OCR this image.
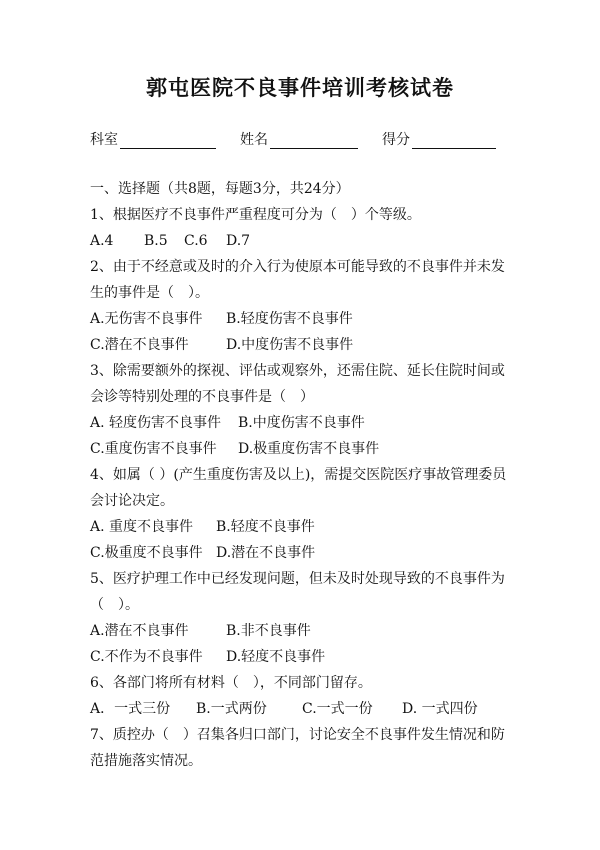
郭屯医院不良事件培训考核试卷
科室	姓名	得分
一、选择题（共8题，每题3分，共24分）
1、根据医疗不良事件严重程度可分为（　）个等级。
A.4 B.5 C.6 D.7
2、由于不经意或及时的介入行为使原本可能导致的不良事件并未发
生的事件是（　）。
A.无伤害不良事件 B.轻度伤害不良事件
C.潜在不良事件	D.中度伤害不良事件
3、除需要额外的探视、评估或观察外，还需住院、延长住院时间或
会诊等特别处理的不良事件是（　）
A. 轻度伤害不良事件 B.中度伤害不良事件
C.重度伤害不良事件 D.极重度伤害不良事件
4、如属（ ）(产生重度伤害及以上)，需提交医院医疗事故管理委员
会讨论决定。
A. 重度不良事件 B.轻度不良事件
C.极重度不良事件 D.潜在不良事件
5、医疗护理工作中已经发现问题，但未及时处现导致的不良事件为
（　）。
A.潜在不良事件	B.非不良事件
C.不作为不良事件 D.轻度不良事件
6、各部门将所有材料（　），不同部门留存。
A．一式三份 B.一式两份	C.一式一份 D. 一式四份
7、质控办（　）召集各归口部门，讨论安全不良事件发生情况和防
范措施落实情况。
